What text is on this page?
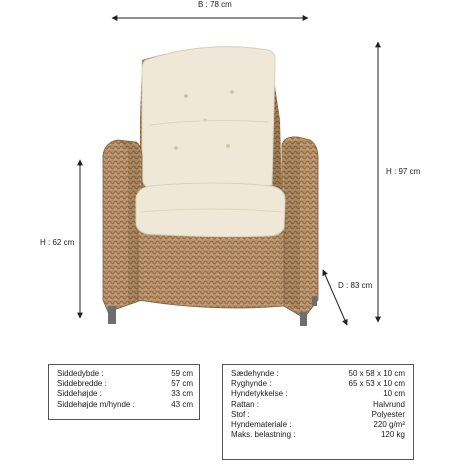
B : 78 cm
H : 97 cm
H : 62 cm
D : 83 cm
Siddedybde :	59 cm
Siddebredde :	57 cm
Siddehøjde :	33 cm
Siddehøjde m/hynde :	43 cm
Sædehynde :	50 x 58 x 10 cm
Ryghynde :	65 x 53 x 10 cm
Hyndetykkelse :	10 cm
Rattan :	Halvrund
Stof :	Polyester
Hyndemateriale :	220 g/m²
Maks. belastning :	120 kg
